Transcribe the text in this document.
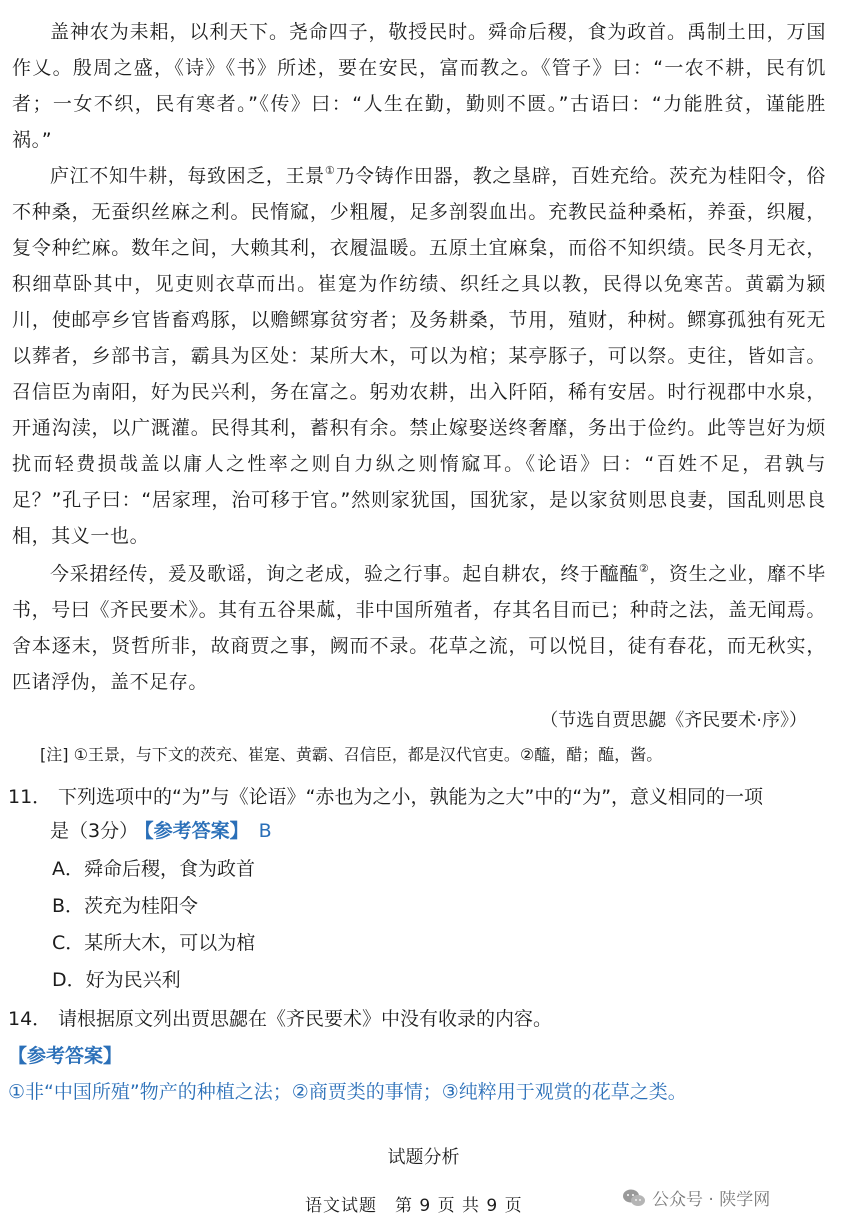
盖神农为耒耜，以利天下。尧命四子，敬授民时。舜命后稷，食为政首。禹制土田，万国作乂。殷周之盛，《诗》《书》所述，要在安民，富而教之。《管子》曰：“一农不耕，民有饥者；一女不织，民有寒者。”《传》曰：“人生在勤，勤则不匮。”古语曰：“力能胜贫，谨能胜祸。”

庐江不知牛耕，每致困乏，王景①乃令铸作田器，教之垦辟，百姓充给。茨充为桂阳令，俗不种桑，无蚕织丝麻之利。民惰窳，少粗履，足多剖裂血出。充教民益种桑柘，养蚕，织履，复令种纻麻。数年之间，大赖其利，衣履温暖。五原土宜麻枲，而俗不知织绩。民冬月无衣，积细草卧其中，见吏则衣草而出。崔寔为作纺绩、织纴之具以教，民得以免寒苦。黄霸为颍川，使邮亭乡官皆畜鸡豚，以赡鳏寡贫穷者；及务耕桑，节用，殖财，种树。鳏寡孤独有死无以葬者，乡部书言，霸具为区处：某所大木，可以为棺；某亭豚子，可以祭。吏往，皆如言。召信臣为南阳，好为民兴利，务在富之。躬劝农耕，出入阡陌，稀有安居。时行视郡中水泉，开通沟渎，以广溉灌。民得其利，蓄积有余。禁止嫁娶送终奢靡，务出于俭约。此等岂好为烦扰而轻费损哉盖以庸人之性率之则自力纵之则惰窳耳。《论语》曰：“百姓不足，君孰与足？”孔子曰：“居家理，治可移于官。”然则家犹国，国犹家，是以家贫则思良妻，国乱则思良相，其义一也。

今采捃经传，爰及歌谣，询之老成，验之行事。起自耕农，终于醯醢②，资生之业，靡不毕书，号曰《齐民要术》。其有五谷果蓏，非中国所殖者，存其名目而已；种莳之法，盖无闻焉。舍本逐末，贤哲所非，故商贾之事，阙而不录。花草之流，可以悦目，徒有春花，而无秋实，匹诸浮伪，盖不足存。

（节选自贾思勰《齐民要术·序》）
[注] ①王景，与下文的茨充、崔寔、黄霸、召信臣，都是汉代官吏。②醯，醋；醢，酱。
11． 下列选项中的“为”与《论语》“赤也为之小，孰能为之大”中的“为”，意义相同的一项
是（3分） 【参考答案】 B
A．舜命后稷，食为政首
B．茨充为桂阳令
C．某所大木，可以为棺
D．好为民兴利
14． 请根据原文列出贾思勰在《齐民要术》中没有收录的内容。
【参考答案】
①非“中国所殖”物产的种植之法；②商贾类的事情；③纯粹用于观赏的花草之类。
试题分析
语文试题　第 9 页 共 9 页	公众号 · 陕学网
